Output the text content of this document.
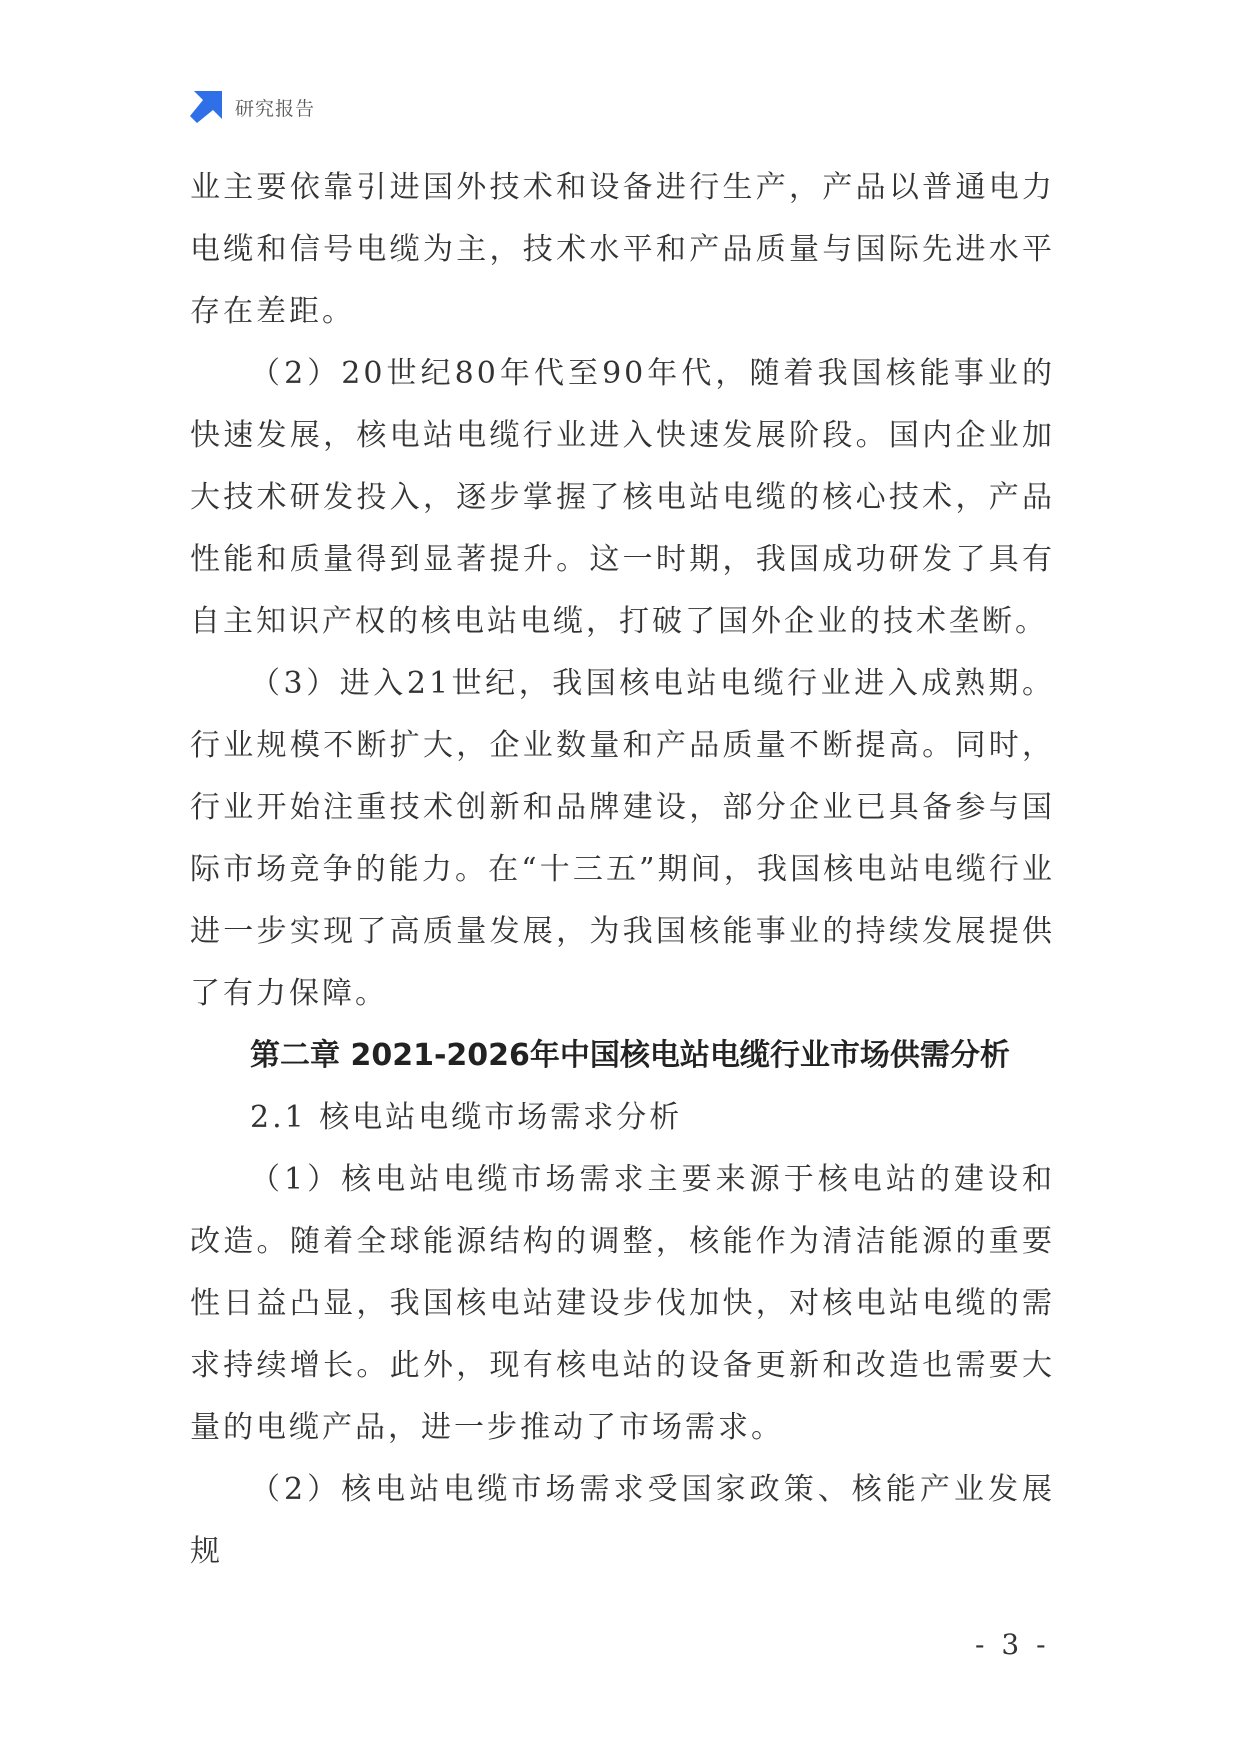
研究报告

业主要依靠引进国外技术和设备进行生产，产品以普通电力电缆和信号电缆为主，技术水平和产品质量与国际先进水平存在差距。

（2）20世纪80年代至90年代，随着我国核能事业的快速发展，核电站电缆行业进入快速发展阶段。国内企业加大技术研发投入，逐步掌握了核电站电缆的核心技术，产品性能和质量得到显著提升。这一时期，我国成功研发了具有自主知识产权的核电站电缆，打破了国外企业的技术垄断。

（3）进入21世纪，我国核电站电缆行业进入成熟期。行业规模不断扩大，企业数量和产品质量不断提高。同时，行业开始注重技术创新和品牌建设，部分企业已具备参与国际市场竞争的能力。在“十三五”期间，我国核电站电缆行业进一步实现了高质量发展，为我国核能事业的持续发展提供了有力保障。

第二章 2021-2026年中国核电站电缆行业市场供需分析

2.1 核电站电缆市场需求分析

（1）核电站电缆市场需求主要来源于核电站的建设和改造。随着全球能源结构的调整，核能作为清洁能源的重要性日益凸显，我国核电站建设步伐加快，对核电站电缆的需求持续增长。此外，现有核电站的设备更新和改造也需要大量的电缆产品，进一步推动了市场需求。

（2）核电站电缆市场需求受国家政策、核能产业发展规

- 3 -
